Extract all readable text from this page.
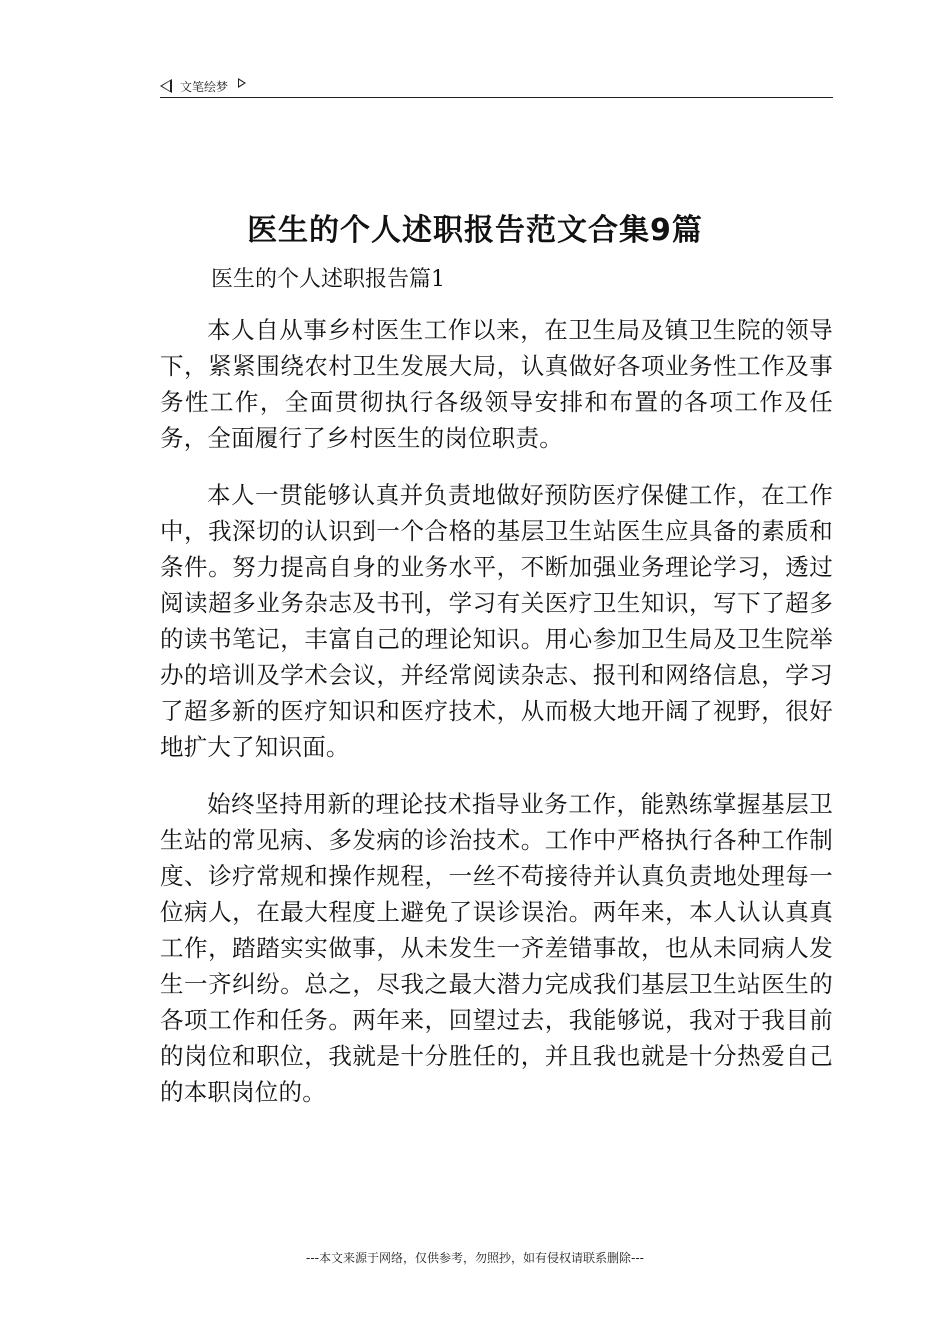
文笔绘梦
医生的个人述职报告范文合集9篇
医生的个人述职报告篇1

本人自从事乡村医生工作以来，在卫生局及镇卫生院的领导下，紧紧围绕农村卫生发展大局，认真做好各项业务性工作及事务性工作，全面贯彻执行各级领导安排和布置的各项工作及任务，全面履行了乡村医生的岗位职责。

本人一贯能够认真并负责地做好预防医疗保健工作，在工作中，我深切的认识到一个合格的基层卫生站医生应具备的素质和条件。努力提高自身的业务水平，不断加强业务理论学习，透过阅读超多业务杂志及书刊，学习有关医疗卫生知识，写下了超多的读书笔记，丰富自己的理论知识。用心参加卫生局及卫生院举办的培训及学术会议，并经常阅读杂志、报刊和网络信息，学习了超多新的医疗知识和医疗技术，从而极大地开阔了视野，很好地扩大了知识面。

始终坚持用新的理论技术指导业务工作，能熟练掌握基层卫生站的常见病、多发病的诊治技术。工作中严格执行各种工作制度、诊疗常规和操作规程，一丝不苟接待并认真负责地处理每一位病人，在最大程度上避免了误诊误治。两年来，本人认认真真工作，踏踏实实做事，从未发生一齐差错事故，也从未同病人发生一齐纠纷。总之，尽我之最大潜力完成我们基层卫生站医生的各项工作和任务。两年来，回望过去，我能够说，我对于我目前的岗位和职位，我就是十分胜任的，并且我也就是十分热爱自己的本职岗位的。

---本文来源于网络，仅供参考，勿照抄，如有侵权请联系删除---
